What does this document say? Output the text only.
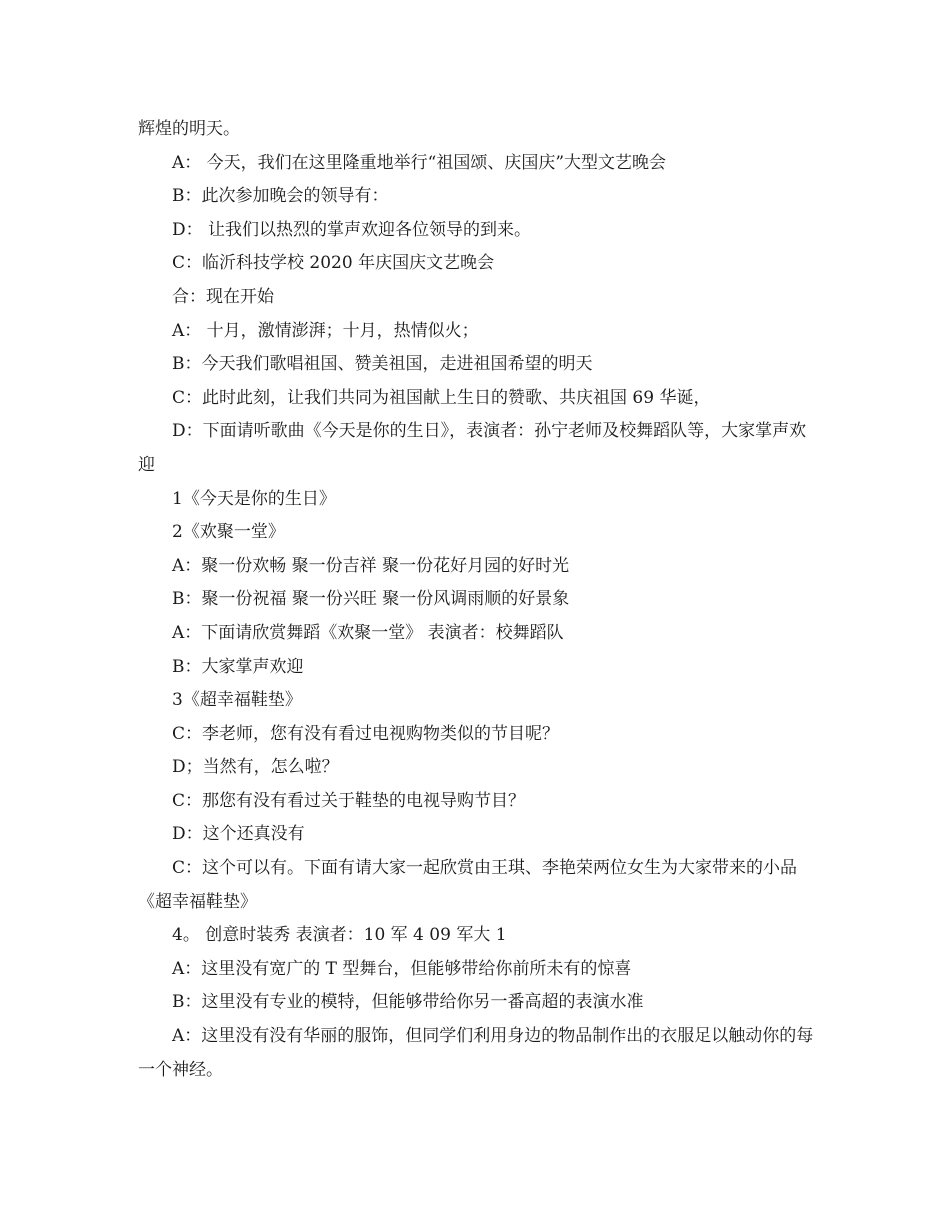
辉煌的明天。

A： 今天，我们在这里隆重地举行“祖国颂、庆国庆”大型文艺晚会

B：此次参加晚会的领导有：

D： 让我们以热烈的掌声欢迎各位领导的到来。

C：临沂科技学校 2020 年庆国庆文艺晚会

合：现在开始

A： 十月，激情澎湃；十月，热情似火；

B：今天我们歌唱祖国、赞美祖国，走进祖国希望的明天

C：此时此刻，让我们共同为祖国献上生日的赞歌、共庆祖国 69 华诞，

D：下面请听歌曲《今天是你的生日》，表演者：孙宁老师及校舞蹈队等，大家掌声欢迎

1《今天是你的生日》

2《欢聚一堂》

A：聚一份欢畅 聚一份吉祥 聚一份花好月园的好时光

B：聚一份祝福 聚一份兴旺 聚一份风调雨顺的好景象

A：下面请欣赏舞蹈《欢聚一堂》 表演者：校舞蹈队

B：大家掌声欢迎

3《超幸福鞋垫》

C：李老师，您有没有看过电视购物类似的节目呢？

D；当然有，怎么啦？

C：那您有没有看过关于鞋垫的电视导购节目？

D：这个还真没有

C：这个可以有。下面有请大家一起欣赏由王琪、李艳荣两位女生为大家带来的小品《超幸福鞋垫》

4。 创意时装秀 表演者：10 军 4 09 军大 1

A：这里没有宽广的 T 型舞台，但能够带给你前所未有的惊喜

B：这里没有专业的模特，但能够带给你另一番高超的表演水准

A：这里没有没有华丽的服饰，但同学们利用身边的物品制作出的衣服足以触动你的每一个神经。
